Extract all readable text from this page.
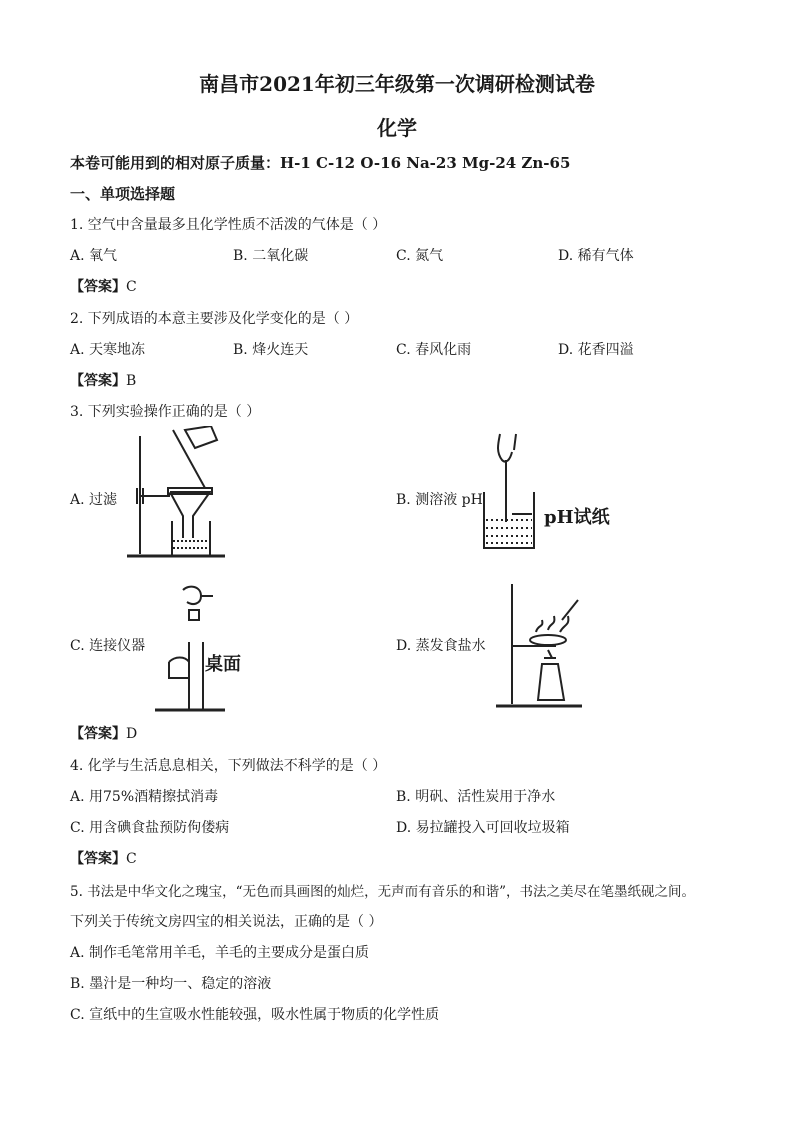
南昌市2021年初三年级第一次调研检测试卷
化学
本卷可能用到的相对原子质量：H-1 C-12 O-16 Na-23 Mg-24 Zn-65
一、单项选择题
1. 空气中含量最多且化学性质不活泼的气体是（ ）
A. 氧气	B. 二氧化碳	C. 氮气	D. 稀有气体
【答案】C
2. 下列成语的本意主要涉及化学变化的是（ ）
A. 天寒地冻	B. 烽火连天	C. 春风化雨	D. 花香四溢
【答案】B
3. 下列实验操作正确的是（ ）
A. 过滤	B. 测溶液 pH
C. 连接仪器	D. 蒸发食盐水
pH试纸
桌面
【答案】D
4. 化学与生活息息相关，下列做法不科学的是（ ）
A. 用75%酒精擦拭消毒	B. 明矾、活性炭用于净水
C. 用含碘食盐预防佝偻病	D. 易拉罐投入可回收垃圾箱
【答案】C
5. 书法是中华文化之瑰宝，“无色而具画图的灿烂，无声而有音乐的和谐”，书法之美尽在笔墨纸砚之间。
下列关于传统文房四宝的相关说法，正确的是（ ）
A. 制作毛笔常用羊毛，羊毛的主要成分是蛋白质
B. 墨汁是一种均一、稳定的溶液
C. 宣纸中的生宣吸水性能较强，吸水性属于物质的化学性质
